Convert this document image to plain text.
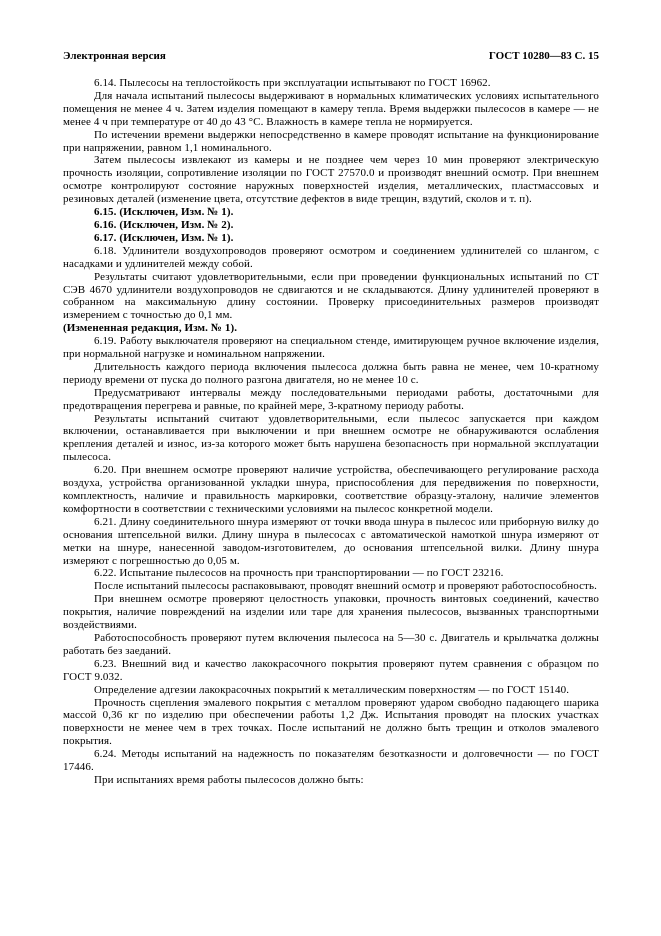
Электронная версия	ГОСТ 10280—83 С. 15

6.14. Пылесосы на теплостойкость при эксплуатации испытывают по ГОСТ 16962.

Для начала испытаний пылесосы выдерживают в нормальных климатических условиях испытательного помещения не менее 4 ч. Затем изделия помещают в камеру тепла. Время выдержки пылесосов в камере — не менее 4 ч при температуре от 40 до 43 °С. Влажность в камере тепла не нормируется.

По истечении времени выдержки непосредственно в камере проводят испытание на функционирование при напряжении, равном 1,1 номинального.

Затем пылесосы извлекают из камеры и не позднее чем через 10 мин проверяют электрическую прочность изоляции, сопротивление изоляции по ГОСТ 27570.0 и производят внешний осмотр. При внешнем осмотре контролируют состояние наружных поверхностей изделия, металлических, пластмассовых и резиновых деталей (изменение цвета, отсутствие дефектов в виде трещин, вздутий, сколов и т. п).

6.15. (Исключен, Изм. № 1).

6.16. (Исключен, Изм. № 2).

6.17. (Исключен, Изм. № 1).

6.18. Удлинители воздухопроводов проверяют осмотром и соединением удлинителей со шлангом, с насадками и удлинителей между собой.

Результаты считают удовлетворительными, если при проведении функциональных испытаний по СТ СЭВ 4670 удлинители воздухопроводов не сдвигаются и не складываются. Длину удлинителей проверяют в собранном на максимальную длину состоянии. Проверку присоединительных размеров производят измерением с точностью до 0,1 мм.

(Измененная редакция, Изм. № 1).

6.19. Работу выключателя проверяют на специальном стенде, имитирующем ручное включение изделия, при нормальной нагрузке и номинальном напряжении.

Длительность каждого периода включения пылесоса должна быть равна не менее, чем 10-кратному периоду времени от пуска до полного разгона двигателя, но не менее 10 с.

Предусматривают интервалы между последовательными периодами работы, достаточными для предотвращения перегрева и равные, по крайней мере, 3-кратному периоду работы.

Результаты испытаний считают удовлетворительными, если пылесос запускается при каждом включении, останавливается при выключении и при внешнем осмотре не обнаруживаются ослабления крепления деталей и износ, из-за которого может быть нарушена безопасность при нормальной эксплуатации пылесоса.

6.20. При внешнем осмотре проверяют наличие устройства, обеспечивающего регулирование расхода воздуха, устройства организованной укладки шнура, приспособления для передвижения по поверхности, комплектность, наличие и правильность маркировки, соответствие образцу-эталону, наличие элементов комфортности в соответствии с техническими условиями на пылесос конкретной модели.

6.21. Длину соединительного шнура измеряют от точки ввода шнура в пылесос или приборную вилку до основания штепсельной вилки. Длину шнура в пылесосах с автоматической намоткой шнура измеряют от метки на шнуре, нанесенной заводом-изготовителем, до основания штепсельной вилки. Длину шнура измеряют с погрешностью до 0,05 м.

6.22. Испытание пылесосов на прочность при транспортировании — по ГОСТ 23216.

После испытаний пылесосы распаковывают, проводят внешний осмотр и проверяют работоспособность.

При внешнем осмотре проверяют целостность упаковки, прочность винтовых соединений, качество покрытия, наличие повреждений на изделии или таре для хранения пылесосов, вызванных транспортными воздействиями.

Работоспособность проверяют путем включения пылесоса на 5—30 с. Двигатель и крыльчатка должны работать без заеданий.

6.23. Внешний вид и качество лакокрасочного покрытия проверяют путем сравнения с образцом по ГОСТ 9.032.

Определение адгезии лакокрасочных покрытий к металлическим поверхностям — по ГОСТ 15140.

Прочность сцепления эмалевого покрытия с металлом проверяют ударом свободно падающего шарика массой 0,36 кг по изделию при обеспечении работы 1,2 Дж. Испытания проводят на плоских участках поверхности не менее чем в трех точках. После испытаний не должно быть трещин и отколов эмалевого покрытия.

6.24. Методы испытаний на надежность по показателям безотказности и долговечности — по ГОСТ 17446.

При испытаниях время работы пылесосов должно быть:
